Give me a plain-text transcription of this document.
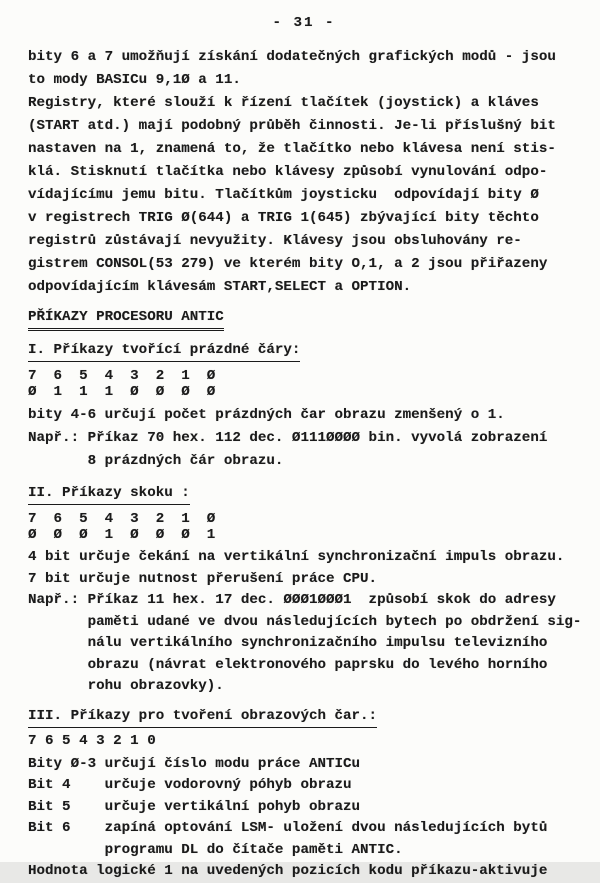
- 31 -
bity 6 a 7 umožňují získání dodatečných grafických modů - jsou
to mody BASICu 9,1Ø a 11.
Registry, které slouží k řízení tlačítek (joystick) a kláves
(START atd.) mají podobný průběh činnosti. Je-li příslušný bit
nastaven na 1, znamená to, že tlačítko nebo klávesa není stis-
klá. Stisknutí tlačítka nebo klávesy způsobí vynulování odpo-
vídajícímu jemu bitu. Tlačítkům joysticku  odpovídají bity Ø
v registrech TRIG Ø(644) a TRIG 1(645) zbývající bity těchto
registrů zůstávají nevyužity. Klávesy jsou obsluhovány re-
gistrem CONSOL(53 279) ve kterém bity O,1, a 2 jsou přiřazeny
odpovídajícím klávesám START,SELECT a OPTION.
PŘÍKAZY PROCESORU ANTIC
I. Příkazy tvořící prázdné čáry:
7  6  5  4  3  2  1  Ø
Ø  1  1  1  Ø  Ø  Ø  Ø
bity 4-6 určují počet prázdných čar obrazu zmenšený o 1.
Např.: Příkaz 70 hex. 112 dec. Ø111ØØØØ bin. vyvolá zobrazení
8 prázdných čár obrazu.
II. Příkazy skoku :
7  6  5  4  3  2  1  Ø
Ø  Ø  Ø  1  Ø  Ø  Ø  1
4 bit určuje čekání na vertikální synchronizační impuls obrazu.
7 bit určuje nutnost přerušení práce CPU.
Např.: Příkaz 11 hex. 17 dec. ØØØ1ØØØ1  způsobí skok do adresy
paměti udané ve dvou následujících bytech po obdržení sig-
nálu vertikálního synchronizačního impulsu televizního
obrazu (návrat elektronového paprsku do levého horního
rohu obrazovky).
III. Příkazy pro tvoření obrazových čar.:
7 6 5 4 3 2 1 0
Bity Ø-3 určují číslo modu práce ANTICu
Bit 4    určuje vodorovný póhyb obrazu
Bit 5    určuje vertikální pohyb obrazu
Bit 6    zapíná optování LSM- uložení dvou následujících bytů
programu DL do čítače paměti ANTIC.
Hodnota logické 1 na uvedených pozicích kodu příkazu-aktivuje
